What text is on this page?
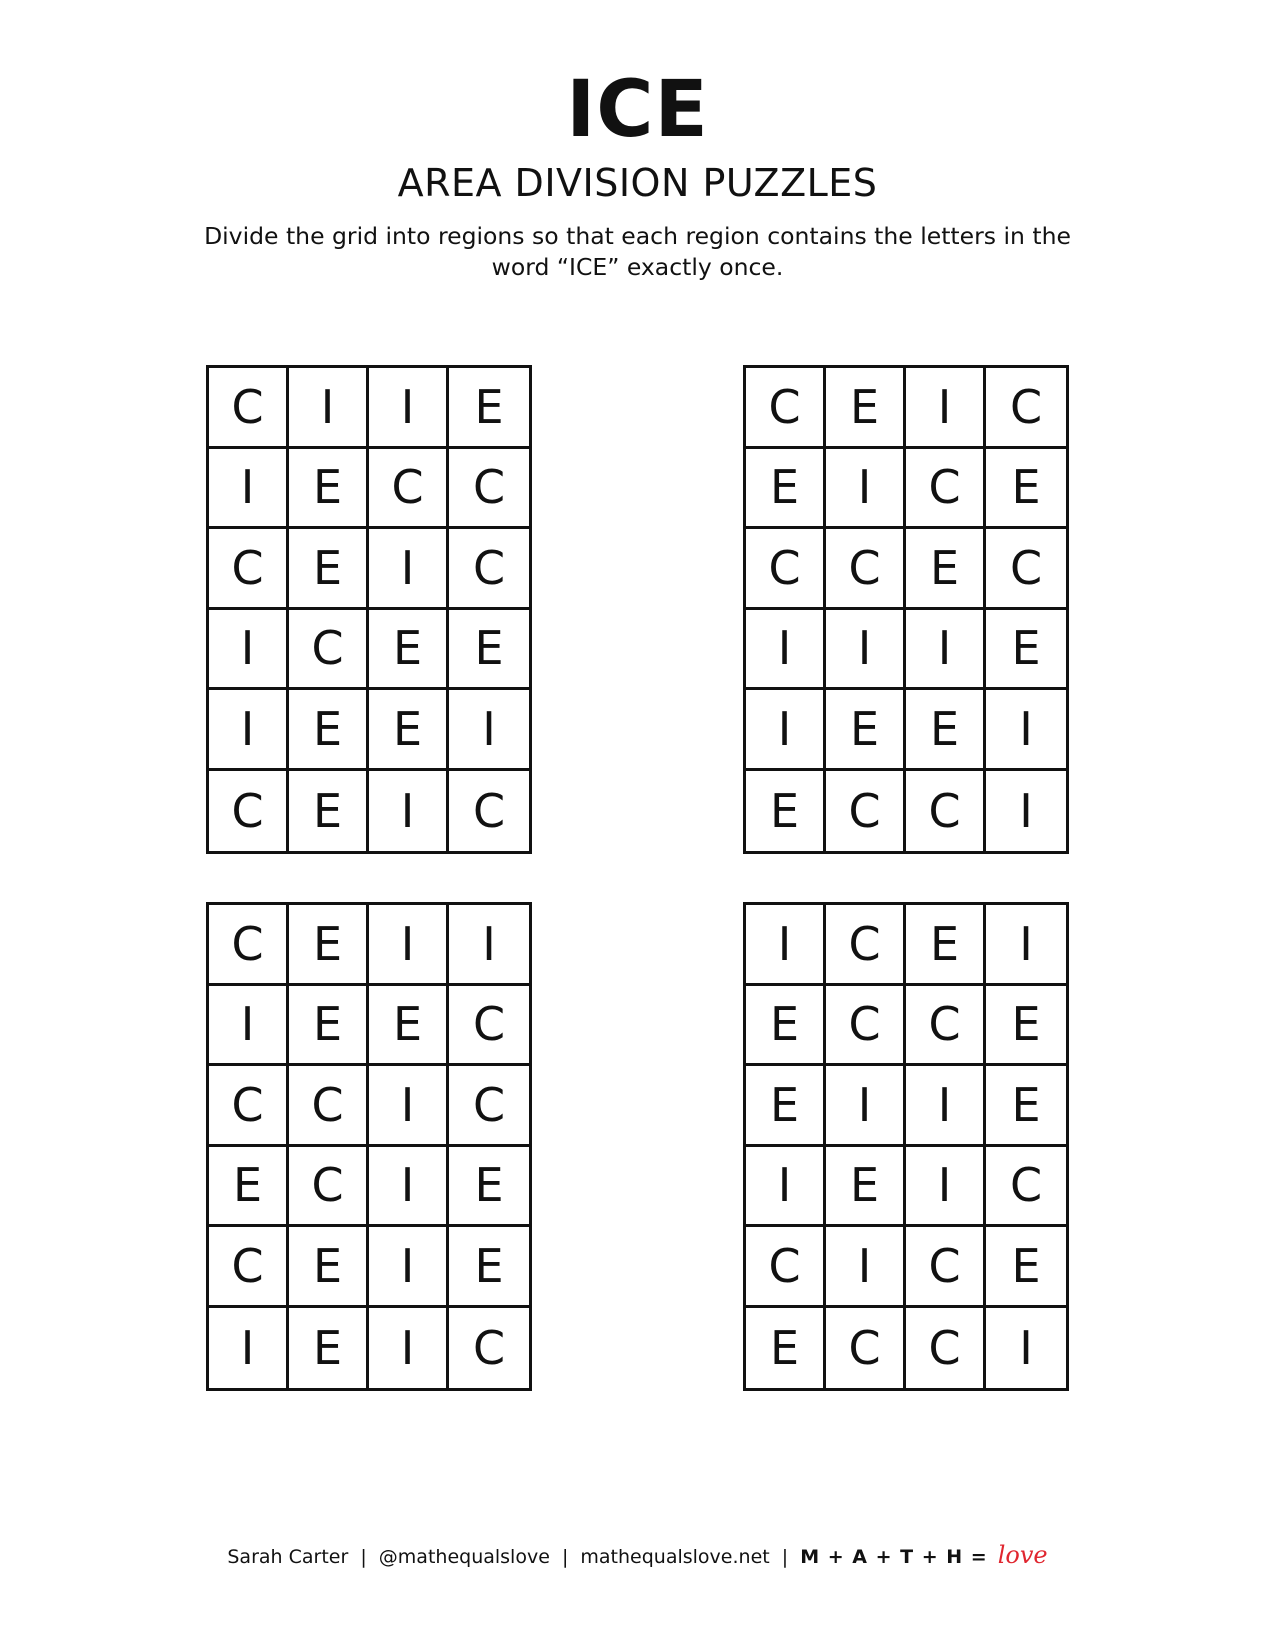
ICE
AREA DIVISION PUZZLES
Divide the grid into regions so that each region contains the letters in the word “ICE” exactly once.
C	I	I	E
I	E	C	C
C	E	I	C
I	C	E	E
I	E	E	I
C	E	I	C
C	E	I	C
E	I	C	E
C	C	E	C
I	I	I	E
I	E	E	I
E	C	C	I
C	E	I	I
I	E	E	C
C	C	I	C
E	C	I	E
C	E	I	E
I	E	I	C
I	C	E	I
E	C	C	E
E	I	I	E
I	E	I	C
C	I	C	E
E	C	C	I
Sarah Carter | @mathequalslove | mathequalslove.net | M + A + T + H = love
